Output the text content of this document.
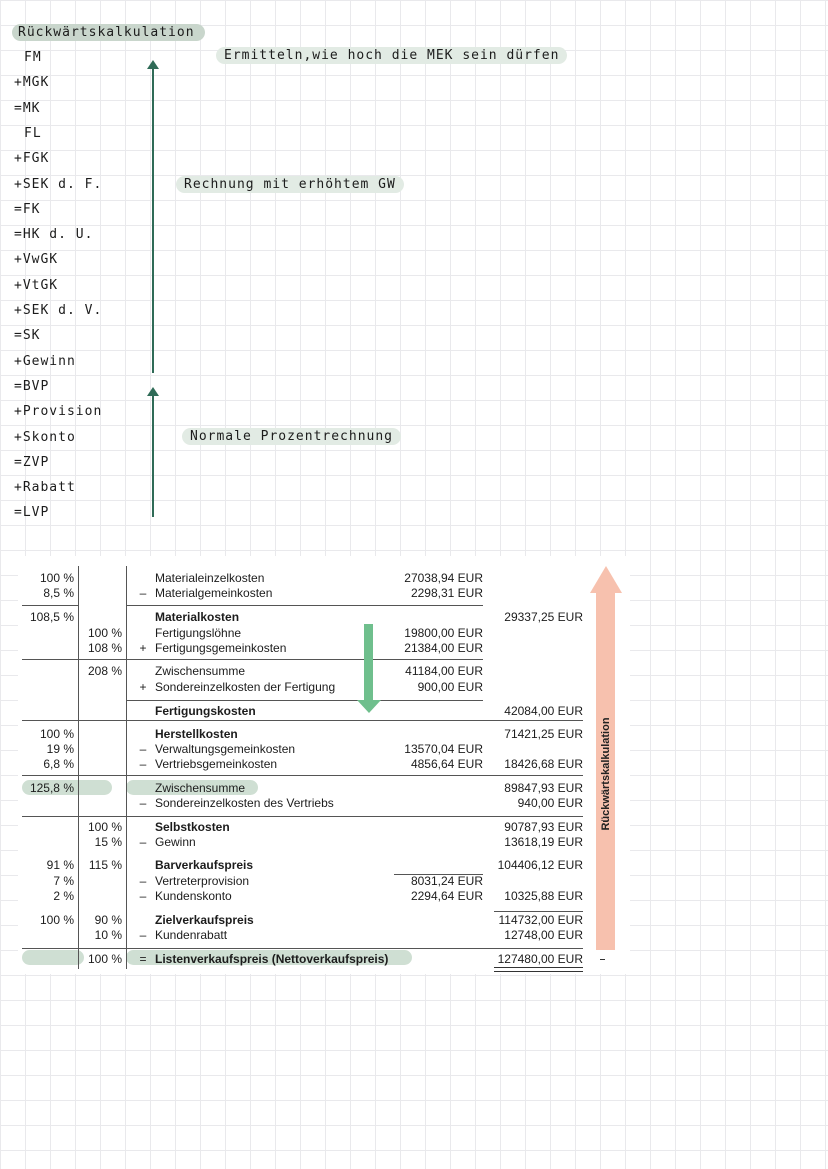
Rückwärtskalkulation
Ermitteln,wie hoch die MEK sein dürfen
Rechnung mit erhöhtem GW
Normale Prozentrechnung
FM
+MGK
=MK
FL
+FGK
+SEK d. F.
=FK
=HK d. U.
+VwGK
+VtGK
+SEK d. V.
=SK
+Gewinn
=BVP
+Provision
+Skonto
=ZVP
+Rabatt
=LVP
100 %	Materialeinzelkosten	27038,94 EUR
8,5 %	– Materialgemeinkosten	2298,31 EUR
108,5 %	Materialkosten	29337,25 EUR
100 %	Fertigungslöhne	19800,00 EUR
108 % + Fertigungsgemeinkosten	21384,00 EUR
208 %	Zwischensumme	41184,00 EUR
+ Sondereinzelkosten der Fertigung	900,00 EUR
Fertigungskosten	42084,00 EUR
100 %	Herstellkosten	71421,25 EUR
19 %	– Verwaltungsgemeinkosten	13570,04 EUR
6,8 %	– Vertriebsgemeinkosten	4856,64 EUR	18426,68 EUR
125,8 %	Zwischensumme	89847,93 EUR
– Sondereinzelkosten des Vertriebs	940,00 EUR
100 %	Selbstkosten	90787,93 EUR
15 %	– Gewinn	13618,19 EUR
91 %	115 %	Barverkaufspreis	104406,12 EUR
7 %	– Vertreterprovision	8031,24 EUR
2 %	– Kundenskonto	2294,64 EUR	10325,88 EUR
100 %	90 %	Zielverkaufspreis	114732,00 EUR
10 %	– Kundenrabatt	12748,00 EUR
100 % = Listenverkaufspreis (Nettoverkaufspreis)	127480,00 EUR
Rückwärtskalkulation
